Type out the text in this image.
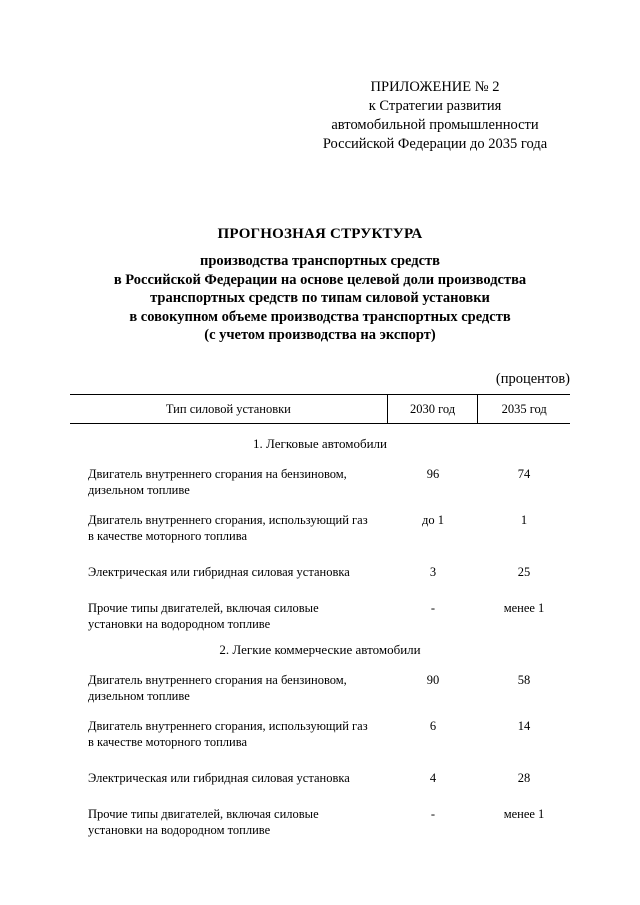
ПРИЛОЖЕНИЕ № 2
к Стратегии развития
автомобильной промышленности
Российской Федерации до 2035 года
ПРОГНОЗНАЯ СТРУКТУРА
производства транспортных средств
в Российской Федерации на основе целевой доли производства
транспортных средств по типам силовой установки
в совокупном объеме производства транспортных средств
(с учетом производства на экспорт)
(процентов)
Тип силовой установки	2030 год	2035 год
1. Легковые автомобили
Двигатель внутреннего сгорания на бензиновом,
дизельном топливе
96	74
Двигатель внутреннего сгорания, использующий газ
в качестве моторного топлива
до 1	1
Электрическая или гибридная силовая установка	3	25
Прочие типы двигателей, включая силовые
установки на водородном топливе
-	менее 1
2. Легкие коммерческие автомобили
Двигатель внутреннего сгорания на бензиновом,
дизельном топливе
90	58
Двигатель внутреннего сгорания, использующий газ
в качестве моторного топлива
6	14
Электрическая или гибридная силовая установка	4	28
Прочие типы двигателей, включая силовые
установки на водородном топливе
-	менее 1
